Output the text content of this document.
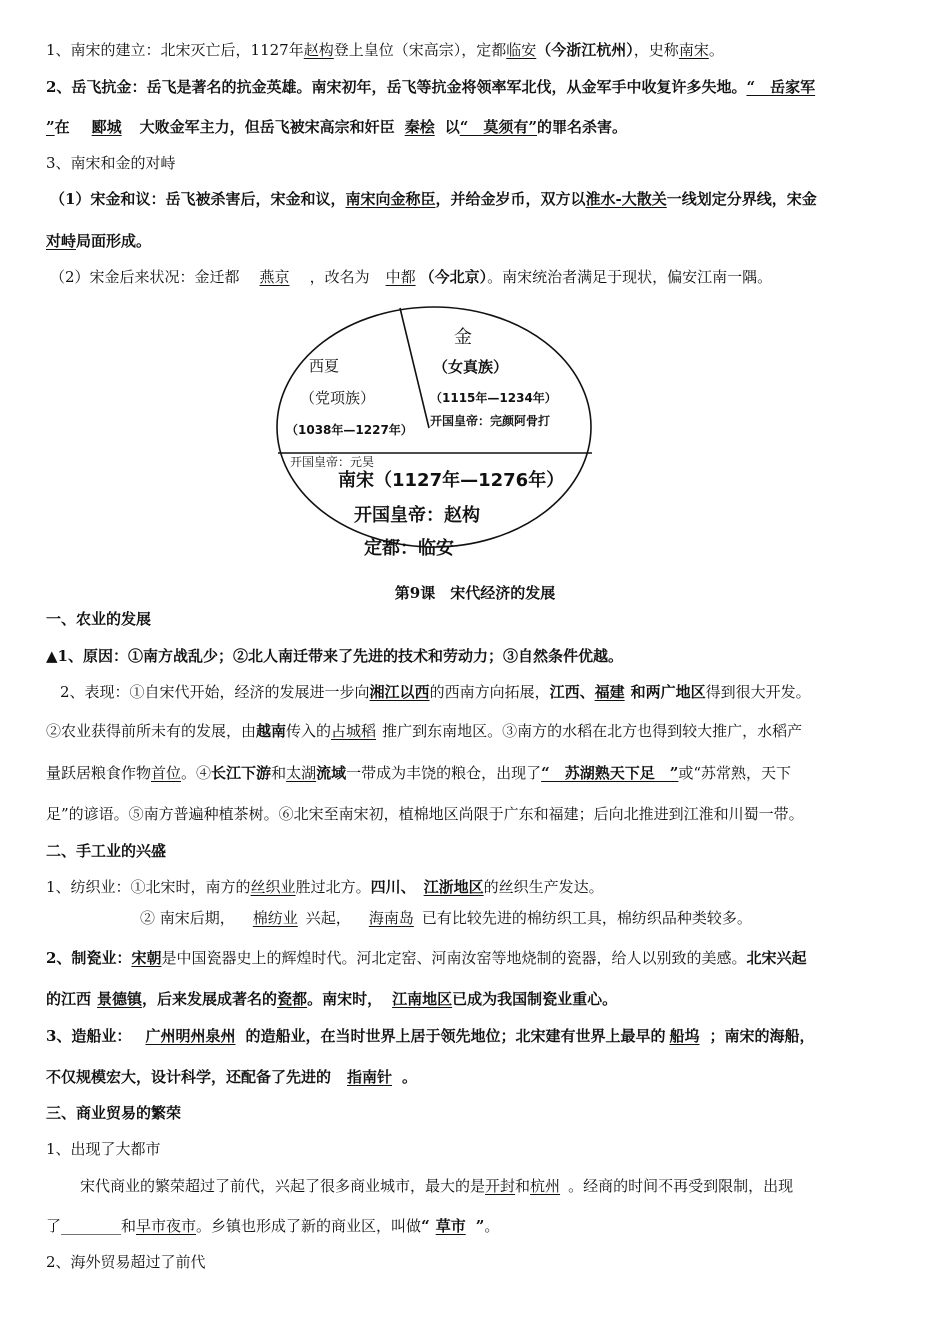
1、南宋的建立：北宋灭亡后，1127年赵构登上皇位（宋高宗），定都临安（今浙江杭州），史称南宋。
2、岳飞抗金：岳飞是著名的抗金英雄。南宋初年，岳飞等抗金将领率军北伐，从金军手中收复许多失地。“　岳家军
”在 郾城 大败金军主力，但岳飞被宋高宗和奸臣 秦桧 以“　莫须有”的罪名杀害。
3、南宋和金的对峙
（1）宋金和议：岳飞被杀害后，宋金和议，南宋向金称臣，并给金岁币，双方以淮水-大散关一线划定分界线，宋金
对峙局面形成。
（2）宋金后来状况：金迁都 燕京 ，改名为 中都 （今北京）。南宋统治者满足于现状，偏安江南一隅。
金
（女真族）
（1115年—1234年）
开国皇帝：完颜阿骨打
西夏
（党项族）
（1038年—1227年）
开国皇帝：元昊
南宋（1127年—1276年）
开国皇帝：赵构
定都：临安
第9课　宋代经济的发展
一、农业的发展
▲1、原因：①南方战乱少；②北人南迁带来了先进的技术和劳动力；③自然条件优越。
2、表现：①自宋代开始，经济的发展进一步向湘江以西的西南方向拓展，江西、福建 和两广地区得到很大开发。
②农业获得前所未有的发展，由越南传入的占城稻 推广到东南地区。③南方的水稻在北方也得到较大推广，水稻产
量跃居粮食作物首位。④长江下游和太湖流域一带成为丰饶的粮仓，出现了“　苏湖熟天下足　”或“苏常熟，天下
足”的谚语。⑤南方普遍种植茶树。⑥北宋至南宋初，植棉地区尚限于广东和福建；后向北推进到江淮和川蜀一带。
二、手工业的兴盛
1、纺织业：①北宋时，南方的丝织业胜过北方。四川、 江浙地区的丝织生产发达。
② 南宋后期， 棉纺业 兴起， 海南岛 已有比较先进的棉纺织工具，棉纺织品种类较多。
2、制瓷业：宋朝是中国瓷器史上的辉煌时代。河北定窑、河南汝窑等地烧制的瓷器，给人以别致的美感。北宋兴起
的江西 景德镇，后来发展成著名的瓷都。南宋时， 江南地区已成为我国制瓷业重心。
3、造船业： 广州明州泉州 的造船业，在当时世界上居于领先地位；北宋建有世界上最早的 船坞 ；南宋的海船，
不仅规模宏大，设计科学，还配备了先进的 指南针 。
三、商业贸易的繁荣
1、出现了大都市
宋代商业的繁荣超过了前代，兴起了很多商业城市，最大的是开封和杭州 。经商的时间不再受到限制，出现
了________和早市夜市。乡镇也形成了新的商业区，叫做“ 草市 ”。
2、海外贸易超过了前代
